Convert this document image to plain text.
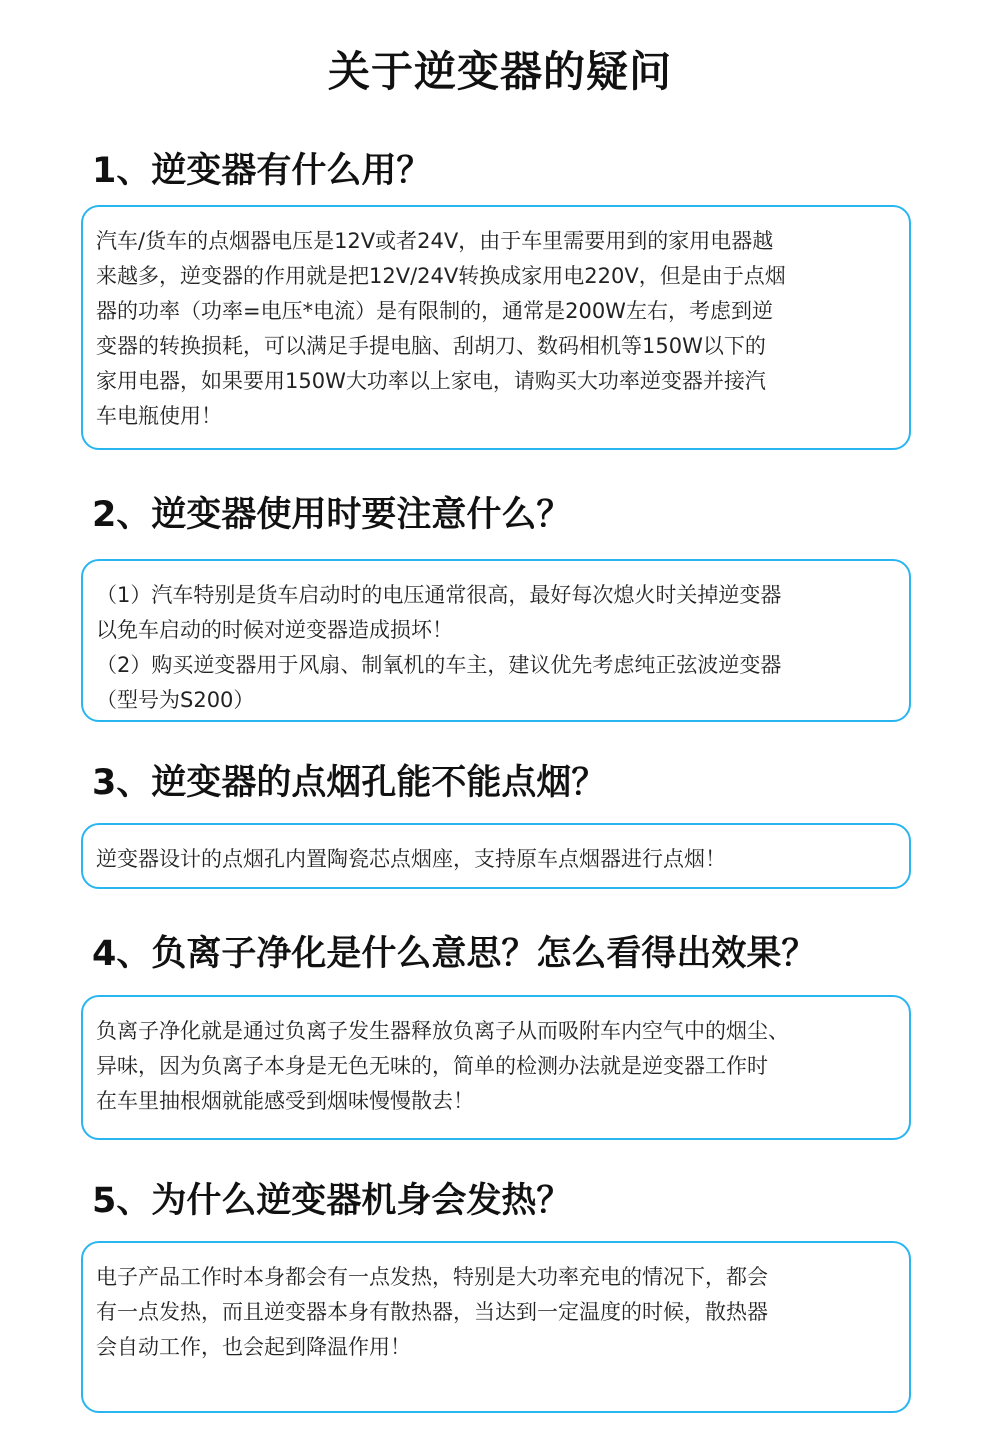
关于逆变器的疑问
1、逆变器有什么用？
汽车/货车的点烟器电压是12V或者24V，由于车里需要用到的家用电器越
来越多，逆变器的作用就是把12V/24V转换成家用电220V，但是由于点烟
器的功率（功率=电压*电流）是有限制的，通常是200W左右，考虑到逆
变器的转换损耗，可以满足手提电脑、刮胡刀、数码相机等150W以下的
家用电器，如果要用150W大功率以上家电，请购买大功率逆变器并接汽
车电瓶使用！
2、逆变器使用时要注意什么？
（1）汽车特别是货车启动时的电压通常很高，最好每次熄火时关掉逆变器
以免车启动的时候对逆变器造成损坏！
（2）购买逆变器用于风扇、制氧机的车主，建议优先考虑纯正弦波逆变器
（型号为S200）
3、逆变器的点烟孔能不能点烟？
逆变器设计的点烟孔内置陶瓷芯点烟座，支持原车点烟器进行点烟！
4、负离子净化是什么意思？怎么看得出效果？
负离子净化就是通过负离子发生器释放负离子从而吸附车内空气中的烟尘、
异味，因为负离子本身是无色无味的，简单的检测办法就是逆变器工作时
在车里抽根烟就能感受到烟味慢慢散去！
5、为什么逆变器机身会发热？
电子产品工作时本身都会有一点发热，特别是大功率充电的情况下，都会
有一点发热，而且逆变器本身有散热器，当达到一定温度的时候，散热器
会自动工作，也会起到降温作用！
